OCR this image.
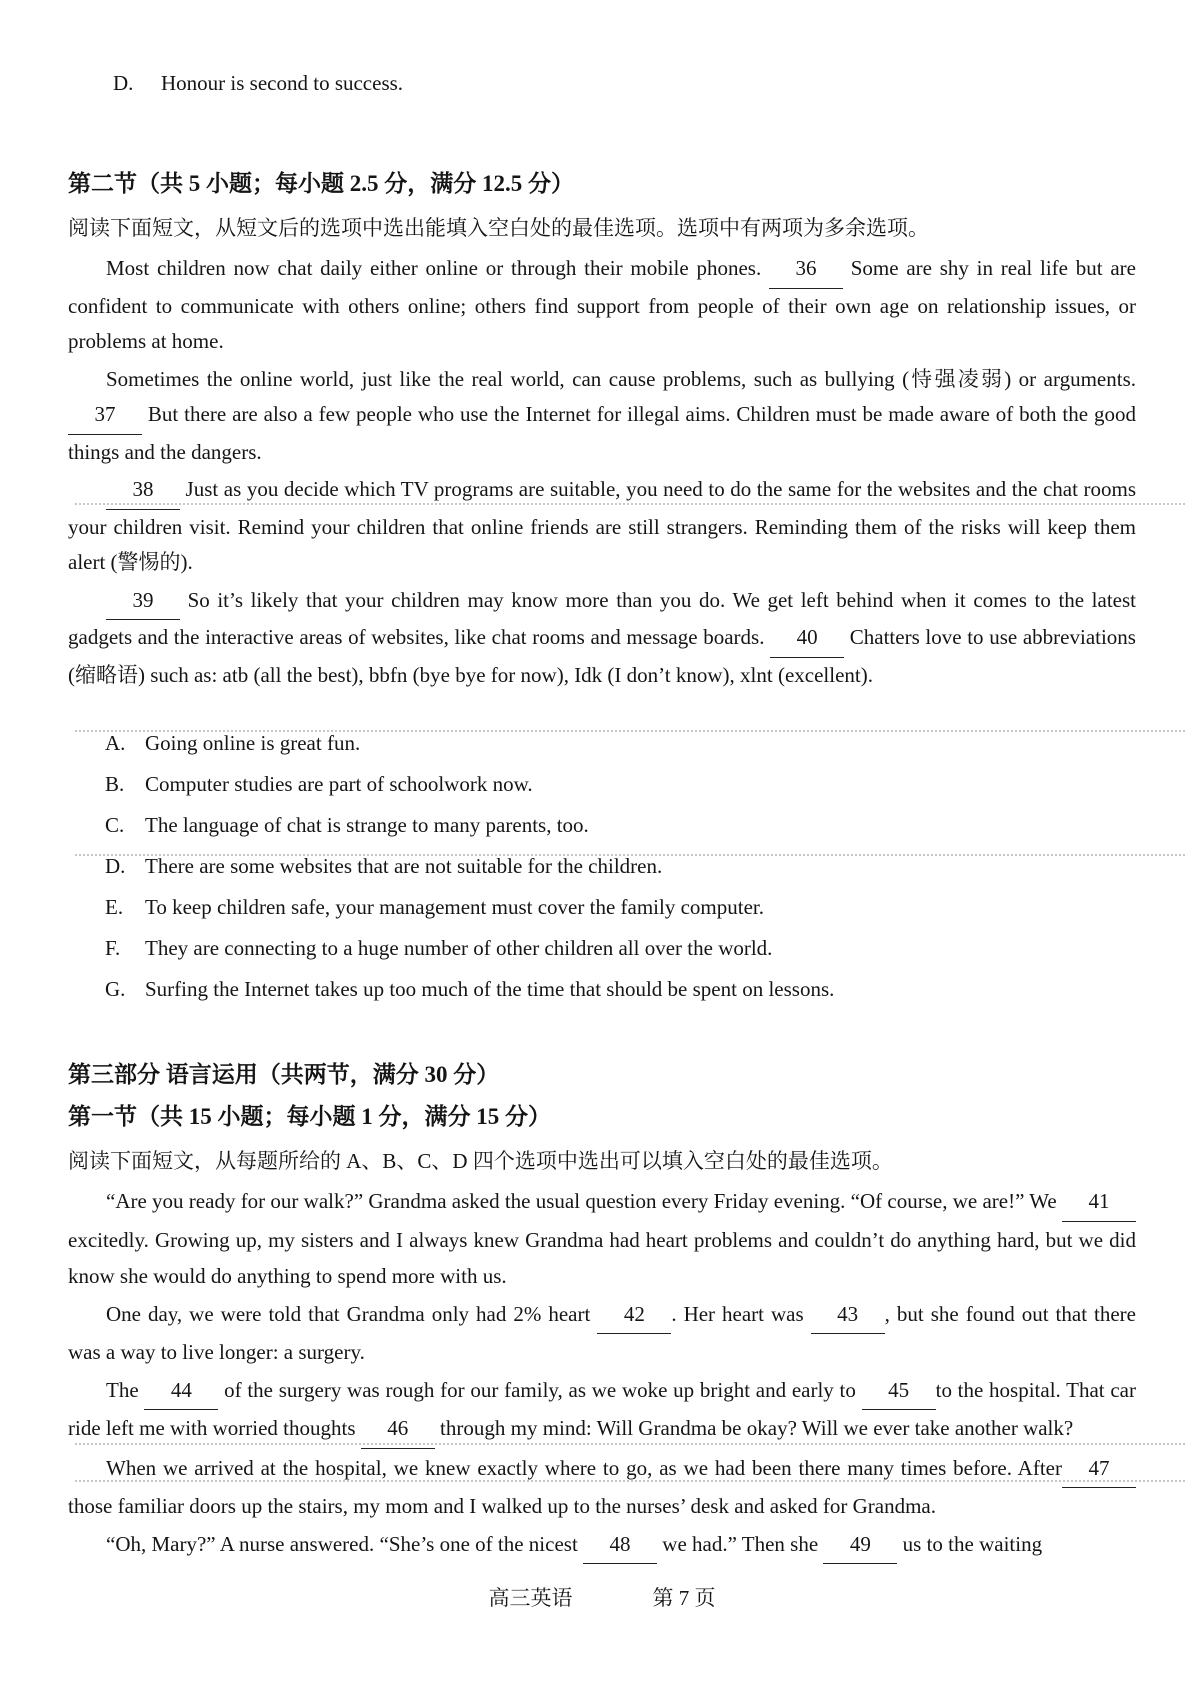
D. Honour is second to success.
第二节（共 5 小题；每小题 2.5 分，满分 12.5 分）

阅读下面短文，从短文后的选项中选出能填入空白处的最佳选项。选项中有两项为多余选项。

Most children now chat daily either online or through their mobile phones. 36 Some are shy in real life but are confident to communicate with others online; others find support from people of their own age on relationship issues, or problems at home.

Sometimes the online world, just like the real world, can cause problems, such as bullying (恃强凌弱) or arguments. 37 But there are also a few people who use the Internet for illegal aims. Children must be made aware of both the good things and the dangers.

38 Just as you decide which TV programs are suitable, you need to do the same for the websites and the chat rooms your children visit. Remind your children that online friends are still strangers. Reminding them of the risks will keep them alert (警惕的).

39 So it’s likely that your children may know more than you do. We get left behind when it comes to the latest gadgets and the interactive areas of websites, like chat rooms and message boards. 40 Chatters love to use abbreviations (缩略语) such as: atb (all the best), bbfn (bye bye for now), Idk (I don’t know), xlnt (excellent).

A. Going online is great fun.
B. Computer studies are part of schoolwork now.
C. The language of chat is strange to many parents, too.
D. There are some websites that are not suitable for the children.
E. To keep children safe, your management must cover the family computer.
F. They are connecting to a huge number of other children all over the world.
G. Surfing the Internet takes up too much of the time that should be spent on lessons.
第三部分 语言运用（共两节，满分 30 分）
第一节（共 15 小题；每小题 1 分，满分 15 分）

阅读下面短文，从每题所给的 A、B、C、D 四个选项中选出可以填入空白处的最佳选项。

“Are you ready for our walk?” Grandma asked the usual question every Friday evening. “Of course, we are!” We 41 excitedly. Growing up, my sisters and I always knew Grandma had heart problems and couldn’t do anything hard, but we did know she would do anything to spend more with us.

One day, we were told that Grandma only had 2% heart 42 . Her heart was 43 , but she found out that there was a way to live longer: a surgery.

The 44 of the surgery was rough for our family, as we woke up bright and early to 45 to the hospital. That car ride left me with worried thoughts 46 through my mind: Will Grandma be okay? Will we ever take another walk?

When we arrived at the hospital, we knew exactly where to go, as we had been there many times before. After 47 those familiar doors up the stairs, my mom and I walked up to the nurses’ desk and asked for Grandma.

“Oh, Mary?” A nurse answered. “She’s one of the nicest 48 we had.” Then she 49 us to the waiting

高三英语	第 7 页
